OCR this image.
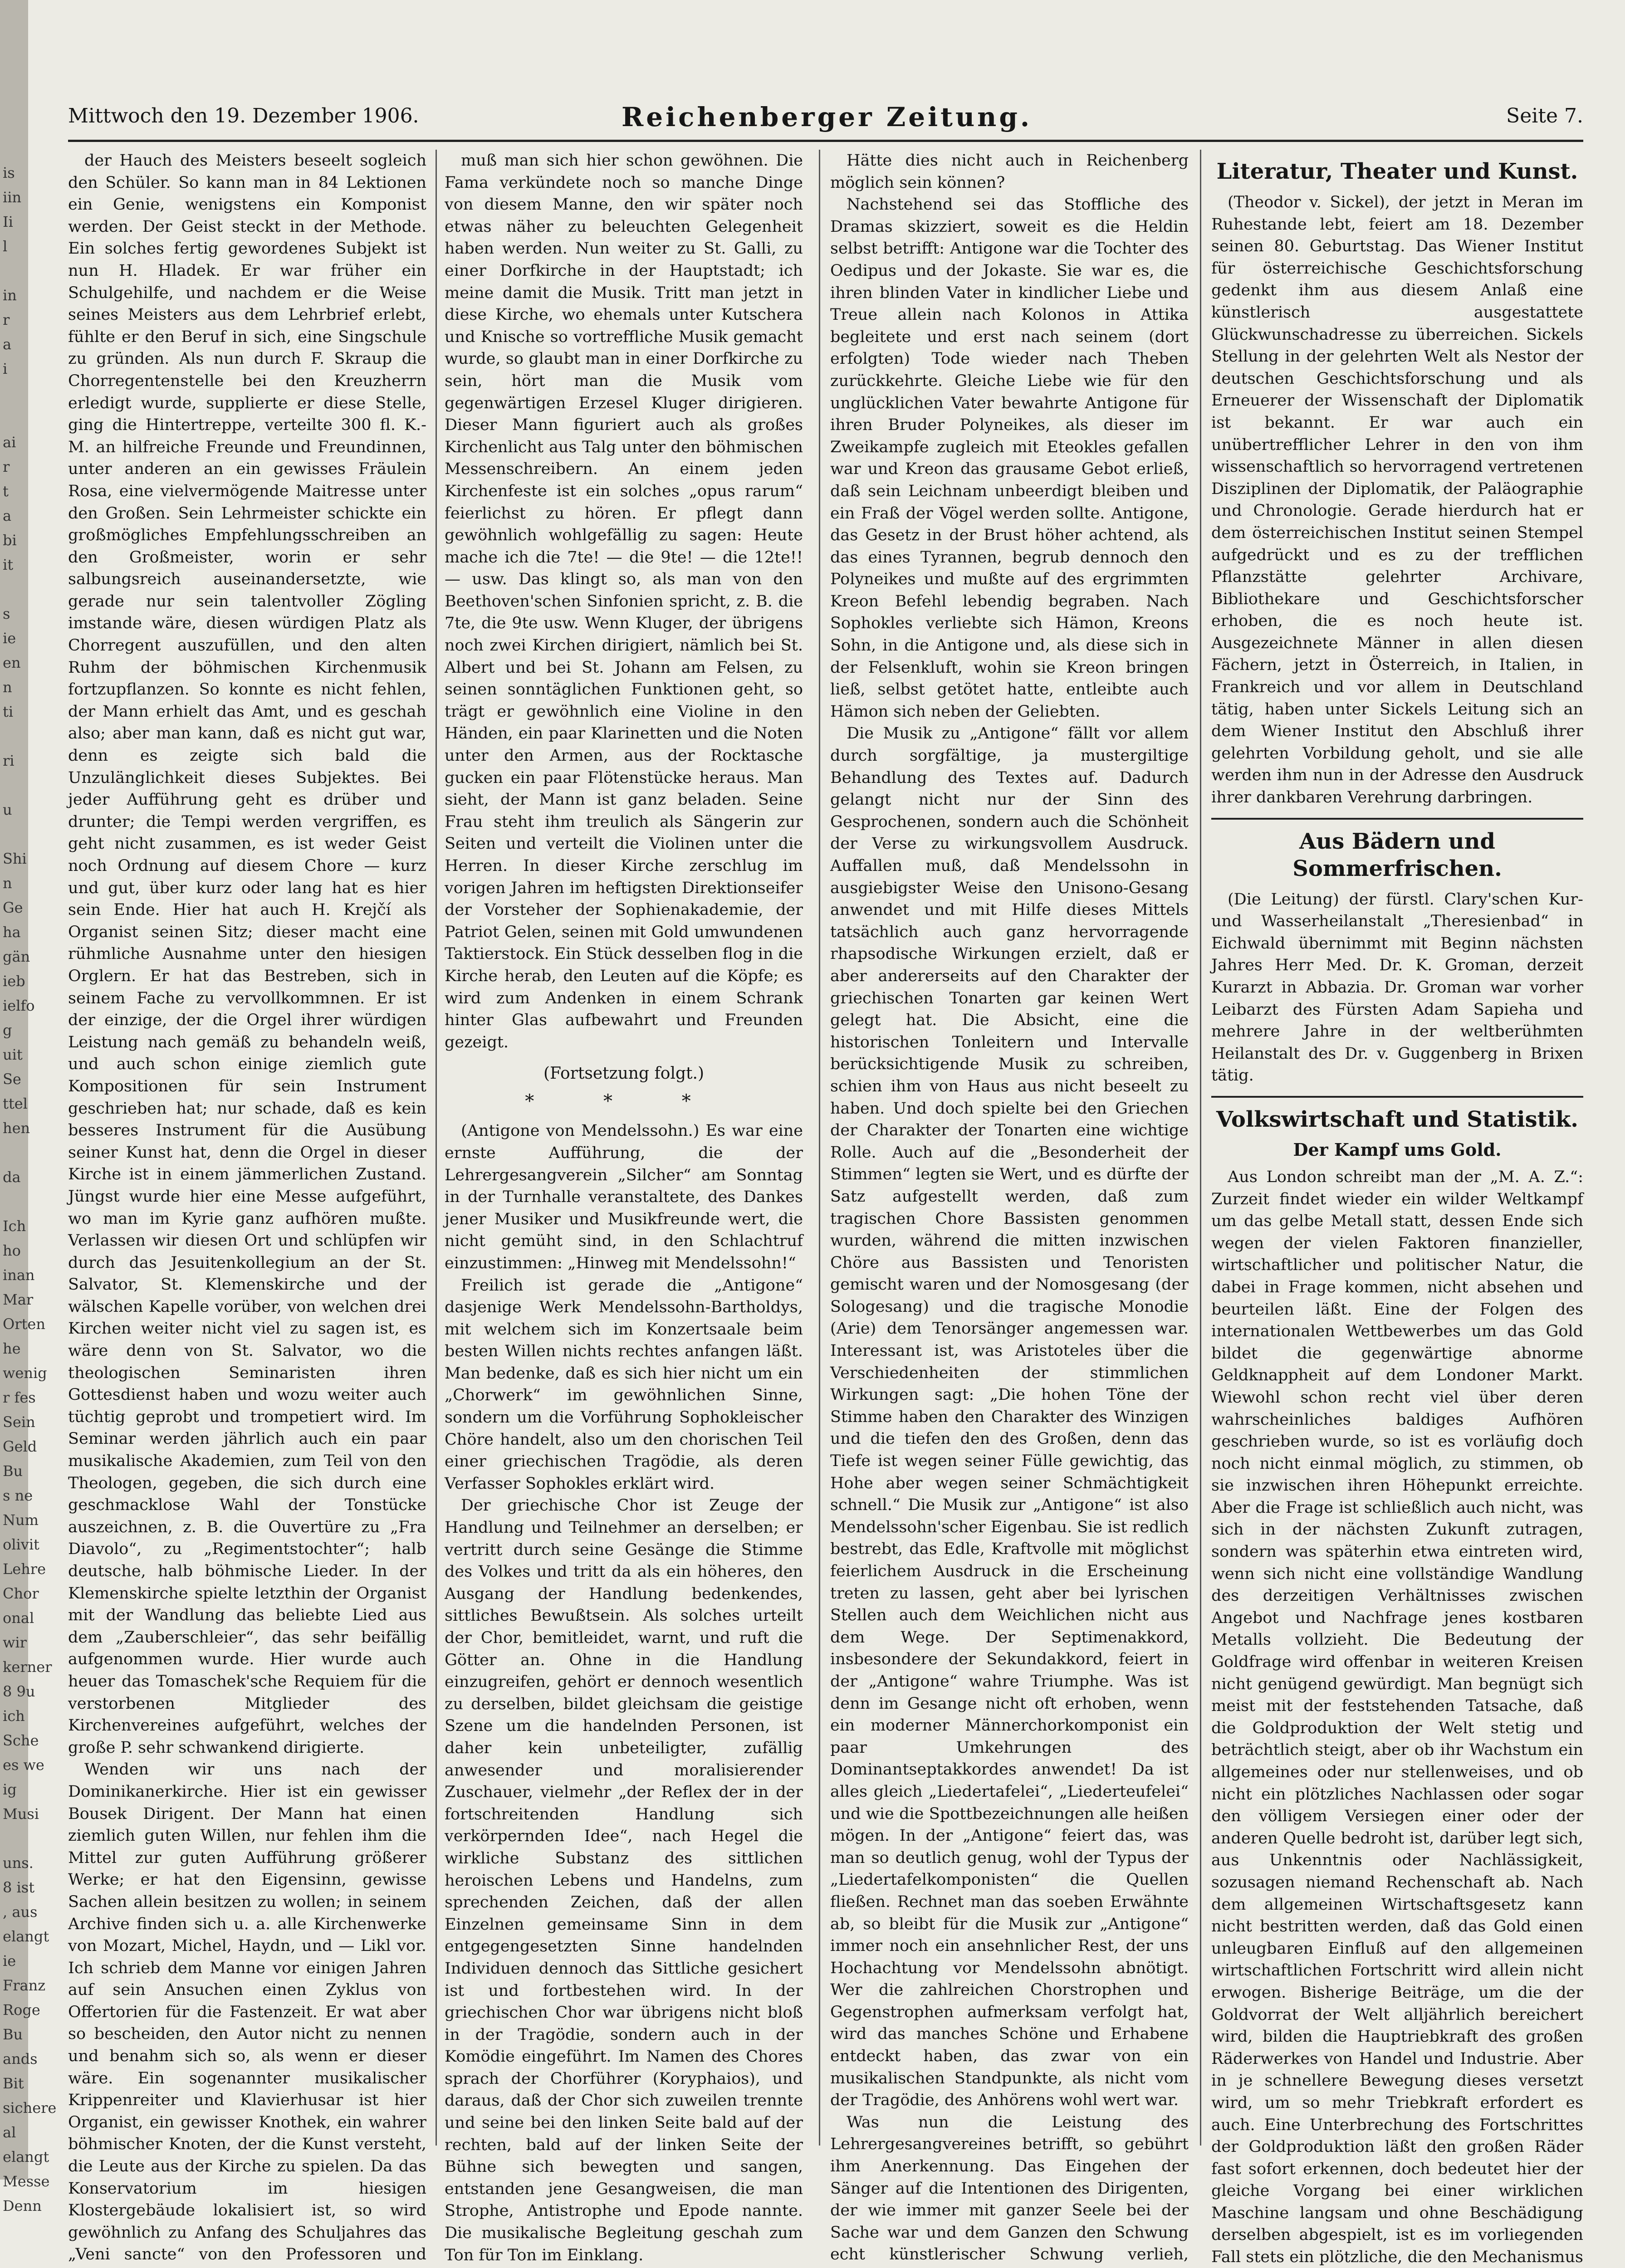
is
iin
Ii
l

in
r
a
i

ai
r
t
a
bi
it

s
ie
en
n
ti

ri

u

Shi
n
Ge
ha
gän
ieb
ielfo
g
uit
Se
ttel
hen

da

Ich
ho
inan
Mar
Orten
he
wenig
r fes
Sein
Geld
Bu
s ne
Num
olivit
Lehre
Chor
onal
wir
kerner
8 9u
ich
Sche
es we
ig
Musi

uns.
8 ist
, aus
elangt
ie
Franz
Roge
Bu
ands
Bit
sichere
al
elangt
Messe
Denn
Mittwoch den 19. Dezember 1906.	Reichenberger Zeitung.	Seite 7.

der Hauch des Meisters beseelt sogleich den Schüler. So kann man in 84 Lektionen ein Genie, wenigstens ein Komponist werden. Der Geist steckt in der Methode. Ein solches fertig gewordenes Subjekt ist nun H. Hladek. Er war früher ein Schulgehilfe, und nachdem er die Weise seines Meisters aus dem Lehrbrief erlebt, fühlte er den Beruf in sich, eine Singschule zu gründen. Als nun durch F. Skraup die Chorregentenstelle bei den Kreuzherrn erledigt wurde, supplierte er diese Stelle, ging die Hintertreppe, verteilte 300 fl. K.-M. an hilfreiche Freunde und Freundinnen, unter anderen an ein gewisses Fräulein Rosa, eine vielvermögende Maitresse unter den Großen. Sein Lehrmeister schickte ein großmögliches Empfehlungsschreiben an den Großmeister, worin er sehr salbungsreich auseinandersetzte, wie gerade nur sein talentvoller Zögling imstande wäre, diesen würdigen Platz als Chorregent auszufüllen, und den alten Ruhm der böhmischen Kirchenmusik fortzupflanzen. So konnte es nicht fehlen, der Mann erhielt das Amt, und es geschah also; aber man kann, daß es nicht gut war, denn es zeigte sich bald die Unzulänglichkeit dieses Subjektes. Bei jeder Aufführung geht es drüber und drunter; die Tempi werden vergriffen, es geht nicht zusammen, es ist weder Geist noch Ordnung auf diesem Chore — kurz und gut, über kurz oder lang hat es hier sein Ende. Hier hat auch H. Krejčí als Organist seinen Sitz; dieser macht eine rühmliche Ausnahme unter den hiesigen Orglern. Er hat das Bestreben, sich in seinem Fache zu vervollkommnen. Er ist der einzige, der die Orgel ihrer würdigen Leistung nach gemäß zu behandeln weiß, und auch schon einige ziemlich gute Kompositionen für sein Instrument geschrieben hat; nur schade, daß es kein besseres Instrument für die Ausübung seiner Kunst hat, denn die Orgel in dieser Kirche ist in einem jämmerlichen Zustand. Jüngst wurde hier eine Messe aufgeführt, wo man im Kyrie ganz aufhören mußte. Verlassen wir diesen Ort und schlüpfen wir durch das Jesuitenkollegium an der St. Salvator, St. Klemenskirche und der wälschen Kapelle vorüber, von welchen drei Kirchen weiter nicht viel zu sagen ist, es wäre denn von St. Salvator, wo die theologischen Seminaristen ihren Gottesdienst haben und wozu weiter auch tüchtig geprobt und trompetiert wird. Im Seminar werden jährlich auch ein paar musikalische Akademien, zum Teil von den Theologen, gegeben, die sich durch eine geschmacklose Wahl der Tonstücke auszeichnen, z. B. die Ouvertüre zu „Fra Diavolo“, zu „Regimentstochter“; halb deutsche, halb böhmische Lieder. In der Klemenskirche spielte letzthin der Organist mit der Wandlung das beliebte Lied aus dem „Zauberschleier“, das sehr beifällig aufgenommen wurde. Hier wurde auch heuer das Tomaschek'sche Requiem für die verstorbenen Mitglieder des Kirchenvereines aufgeführt, welches der große P. sehr schwankend dirigierte.

Wenden wir uns nach der Dominikanerkirche. Hier ist ein gewisser Bousek Dirigent. Der Mann hat einen ziemlich guten Willen, nur fehlen ihm die Mittel zur guten Aufführung größerer Werke; er hat den Eigensinn, gewisse Sachen allein besitzen zu wollen; in seinem Archive finden sich u. a. alle Kirchenwerke von Mozart, Michel, Haydn, und — Likl vor. Ich schrieb dem Manne vor einigen Jahren auf sein Ansuchen einen Zyklus von Offertorien für die Fastenzeit. Er wat aber so bescheiden, den Autor nicht zu nennen und benahm sich so, als wenn er dieser wäre. Ein sogenannter musikalischer Krippenreiter und Klavierhusar ist hier Organist, ein gewisser Knothek, ein wahrer böhmischer Knoten, der die Kunst versteht, die Leute aus der Kirche zu spielen. Da das Konservatorium im hiesigen Klostergebäude lokalisiert ist, so wird gewöhnlich zu Anfang des Schuljahres das „Veni sancte“ von den Professoren und

muß man sich hier schon gewöhnen. Die Fama verkündete noch so manche Dinge von diesem Manne, den wir später noch etwas näher zu beleuchten Gelegenheit haben werden. Nun weiter zu St. Galli, zu einer Dorfkirche in der Hauptstadt; ich meine damit die Musik. Tritt man jetzt in diese Kirche, wo ehemals unter Kutschera und Knische so vortreffliche Musik gemacht wurde, so glaubt man in einer Dorfkirche zu sein, hört man die Musik vom gegenwärtigen Erzesel Kluger dirigieren. Dieser Mann figuriert auch als großes Kirchenlicht aus Talg unter den böhmischen Messenschreibern. An einem jeden Kirchenfeste ist ein solches „opus rarum“ feierlichst zu hören. Er pflegt dann gewöhnlich wohlgefällig zu sagen: Heute mache ich die 7te! — die 9te! — die 12te!! — usw. Das klingt so, als man von den Beethoven'schen Sinfonien spricht, z. B. die 7te, die 9te usw. Wenn Kluger, der übrigens noch zwei Kirchen dirigiert, nämlich bei St. Albert und bei St. Johann am Felsen, zu seinen sonntäglichen Funktionen geht, so trägt er gewöhnlich eine Violine in den Händen, ein paar Klarinetten und die Noten unter den Armen, aus der Rocktasche gucken ein paar Flötenstücke heraus. Man sieht, der Mann ist ganz beladen. Seine Frau steht ihm treulich als Sängerin zur Seiten und verteilt die Violinen unter die Herren. In dieser Kirche zerschlug im vorigen Jahren im heftigsten Direktionseifer der Vorsteher der Sophienakademie, der Patriot Gelen, seinen mit Gold umwundenen Taktierstock. Ein Stück desselben flog in die Kirche herab, den Leuten auf die Köpfe; es wird zum Andenken in einem Schrank hinter Glas aufbewahrt und Freunden gezeigt.

(Fortsetzung folgt.)
* * *

(Antigone von Mendelssohn.) Es war eine ernste Aufführung, die der Lehrergesangverein „Silcher“ am Sonntag in der Turnhalle veranstaltete, des Dankes jener Musiker und Musikfreunde wert, die nicht gemüht sind, in den Schlachtruf einzustimmen: „Hinweg mit Mendelssohn!“

Freilich ist gerade die „Antigone“ dasjenige Werk Mendelssohn-Bartholdys, mit welchem sich im Konzertsaale beim besten Willen nichts rechtes anfangen läßt. Man bedenke, daß es sich hier nicht um ein „Chorwerk“ im gewöhnlichen Sinne, sondern um die Vorführung Sophokleischer Chöre handelt, also um den chorischen Teil einer griechischen Tragödie, als deren Verfasser Sophokles erklärt wird.

Der griechische Chor ist Zeuge der Handlung und Teilnehmer an derselben; er vertritt durch seine Gesänge die Stimme des Volkes und tritt da als ein höheres, den Ausgang der Handlung bedenkendes, sittliches Bewußtsein. Als solches urteilt der Chor, bemitleidet, warnt, und ruft die Götter an. Ohne in die Handlung einzugreifen, gehört er dennoch wesentlich zu derselben, bildet gleichsam die geistige Szene um die handelnden Personen, ist daher kein unbeteiligter, zufällig anwesender und moralisierender Zuschauer, vielmehr „der Reflex der in der fortschreitenden Handlung sich verkörpernden Idee“, nach Hegel die wirkliche Substanz des sittlichen heroischen Lebens und Handelns, zum sprechenden Zeichen, daß der allen Einzelnen gemeinsame Sinn in dem entgegengesetzten Sinne handelnden Individuen dennoch das Sittliche gesichert ist und fortbestehen wird. In der griechischen Chor war übrigens nicht bloß in der Tragödie, sondern auch in der Komödie eingeführt. Im Namen des Chores sprach der Chorführer (Koryphaios), und daraus, daß der Chor sich zuweilen trennte und seine bei den linken Seite bald auf der rechten, bald auf der linken Seite der Bühne sich bewegten und sangen, entstanden jene Gesangweisen, die man Strophe, Antistrophe und Epode nannte. Die musikalische Begleitung geschah zum Ton für Ton im Einklang.

Hätte dies nicht auch in Reichenberg möglich sein können?

Nachstehend sei das Stoffliche des Dramas skizziert, soweit es die Heldin selbst betrifft: Antigone war die Tochter des Oedipus und der Jokaste. Sie war es, die ihren blinden Vater in kindlicher Liebe und Treue allein nach Kolonos in Attika begleitete und erst nach seinem (dort erfolgten) Tode wieder nach Theben zurückkehrte. Gleiche Liebe wie für den unglücklichen Vater bewahrte Antigone für ihren Bruder Polyneikes, als dieser im Zweikampfe zugleich mit Eteokles gefallen war und Kreon das grausame Gebot erließ, daß sein Leichnam unbeerdigt bleiben und ein Fraß der Vögel werden sollte. Antigone, das Gesetz in der Brust höher achtend, als das eines Tyrannen, begrub dennoch den Polyneikes und mußte auf des ergrimmten Kreon Befehl lebendig begraben. Nach Sophokles verliebte sich Hämon, Kreons Sohn, in die Antigone und, als diese sich in der Felsenkluft, wohin sie Kreon bringen ließ, selbst getötet hatte, entleibte auch Hämon sich neben der Geliebten.

Die Musik zu „Antigone“ fällt vor allem durch sorgfältige, ja mustergiltige Behandlung des Textes auf. Dadurch gelangt nicht nur der Sinn des Gesprochenen, sondern auch die Schönheit der Verse zu wirkungsvollem Ausdruck. Auffallen muß, daß Mendelssohn in ausgiebigster Weise den Unisono-Gesang anwendet und mit Hilfe dieses Mittels tatsächlich auch ganz hervorragende rhapsodische Wirkungen erzielt, daß er aber andererseits auf den Charakter der griechischen Tonarten gar keinen Wert gelegt hat. Die Absicht, eine die historischen Tonleitern und Intervalle berücksichtigende Musik zu schreiben, schien ihm von Haus aus nicht beseelt zu haben. Und doch spielte bei den Griechen der Charakter der Tonarten eine wichtige Rolle. Auch auf die „Besonderheit der Stimmen“ legten sie Wert, und es dürfte der Satz aufgestellt werden, daß zum tragischen Chore Bassisten genommen wurden, während die mitten inzwischen Chöre aus Bassisten und Tenoristen gemischt waren und der Nomosgesang (der Sologesang) und die tragische Monodie (Arie) dem Tenorsänger angemessen war. Interessant ist, was Aristoteles über die Verschiedenheiten der stimmlichen Wirkungen sagt: „Die hohen Töne der Stimme haben den Charakter des Winzigen und die tiefen den des Großen, denn das Tiefe ist wegen seiner Fülle gewichtig, das Hohe aber wegen seiner Schmächtigkeit schnell.“ Die Musik zur „Antigone“ ist also Mendelssohn'scher Eigenbau. Sie ist redlich bestrebt, das Edle, Kraftvolle mit möglichst feierlichem Ausdruck in die Erscheinung treten zu lassen, geht aber bei lyrischen Stellen auch dem Weichlichen nicht aus dem Wege. Der Septimenakkord, insbesondere der Sekundakkord, feiert in der „Antigone“ wahre Triumphe. Was ist denn im Gesange nicht oft erhoben, wenn ein moderner Männerchorkomponist ein paar Umkehrungen des Dominantseptakkordes anwendet! Da ist alles gleich „Liedertafelei“, „Liederteufelei“ und wie die Spottbezeichnungen alle heißen mögen. In der „Antigone“ feiert das, was man so deutlich genug, wohl der Typus der „Liedertafelkomponisten“ die Quellen fließen. Rechnet man das soeben Erwähnte ab, so bleibt für die Musik zur „Antigone“ immer noch ein ansehnlicher Rest, der uns Hochachtung vor Mendelssohn abnötigt. Wer die zahlreichen Chorstrophen und Gegenstrophen aufmerksam verfolgt hat, wird das manches Schöne und Erhabene entdeckt haben, das zwar von ein musikalischen Standpunkte, als nicht vom der Tragödie, des Anhörens wohl wert war.

Was nun die Leistung des Lehrergesangvereines betrifft, so gebührt ihm Anerkennung. Das Eingehen der Sänger auf die Intentionen des Dirigenten, der wie immer mit ganzer Seele bei der Sache war und dem Ganzen den Schwung echt künstlerischer Schwung verlieh,

Literatur, Theater und Kunst.

(Theodor v. Sickel), der jetzt in Meran im Ruhestande lebt, feiert am 18. Dezember seinen 80. Geburtstag. Das Wiener Institut für österreichische Geschichtsforschung gedenkt ihm aus diesem Anlaß eine künstlerisch ausgestattete Glückwunschadresse zu überreichen. Sickels Stellung in der gelehrten Welt als Nestor der deutschen Geschichtsforschung und als Erneuerer der Wissenschaft der Diplomatik ist bekannt. Er war auch ein unübertrefflicher Lehrer in den von ihm wissenschaftlich so hervorragend vertretenen Disziplinen der Diplomatik, der Paläographie und Chronologie. Gerade hierdurch hat er dem österreichischen Institut seinen Stempel aufgedrückt und es zu der trefflichen Pflanzstätte gelehrter Archivare, Bibliothekare und Geschichtsforscher erhoben, die es noch heute ist. Ausgezeichnete Männer in allen diesen Fächern, jetzt in Österreich, in Italien, in Frankreich und vor allem in Deutschland tätig, haben unter Sickels Leitung sich an dem Wiener Institut den Abschluß ihrer gelehrten Vorbildung geholt, und sie alle werden ihm nun in der Adresse den Ausdruck ihrer dankbaren Verehrung darbringen.

Aus Bädern und Sommerfrischen.

(Die Leitung) der fürstl. Clary'schen Kur- und Wasserheilanstalt „Theresienbad“ in Eichwald übernimmt mit Beginn nächsten Jahres Herr Med. Dr. K. Groman, derzeit Kurarzt in Abbazia. Dr. Groman war vorher Leibarzt des Fürsten Adam Sapieha und mehrere Jahre in der weltberühmten Heilanstalt des Dr. v. Guggenberg in Brixen tätig.

Volkswirtschaft und Statistik.
Der Kampf ums Gold.

Aus London schreibt man der „M. A. Z.“: Zurzeit findet wieder ein wilder Weltkampf um das gelbe Metall statt, dessen Ende sich wegen der vielen Faktoren finanzieller, wirtschaftlicher und politischer Natur, die dabei in Frage kommen, nicht absehen und beurteilen läßt. Eine der Folgen des internationalen Wettbewerbes um das Gold bildet die gegenwärtige abnorme Geldknappheit auf dem Londoner Markt. Wiewohl schon recht viel über deren wahrscheinliches baldiges Aufhören geschrieben wurde, so ist es vorläufig doch noch nicht einmal möglich, zu stimmen, ob sie inzwischen ihren Höhepunkt erreichte. Aber die Frage ist schließlich auch nicht, was sich in der nächsten Zukunft zutragen, sondern was späterhin etwa eintreten wird, wenn sich nicht eine vollständige Wandlung des derzeitigen Verhältnisses zwischen Angebot und Nachfrage jenes kostbaren Metalls vollzieht. Die Bedeutung der Goldfrage wird offenbar in weiteren Kreisen nicht genügend gewürdigt. Man begnügt sich meist mit der feststehenden Tatsache, daß die Goldproduktion der Welt stetig und beträchtlich steigt, aber ob ihr Wachstum ein allgemeines oder nur stellenweises, und ob nicht ein plötzliches Nachlassen oder sogar den völligem Versiegen einer oder der anderen Quelle bedroht ist, darüber legt sich, aus Unkenntnis oder Nachlässigkeit, sozusagen niemand Rechenschaft ab. Nach dem allgemeinen Wirtschaftsgesetz kann nicht bestritten werden, daß das Gold einen unleugbaren Einfluß auf den allgemeinen wirtschaftlichen Fortschritt wird allein nicht erwogen. Bisherige Beiträge, um die der Goldvorrat der Welt alljährlich bereichert wird, bilden die Hauptriebkraft des großen Räderwerkes von Handel und Industrie. Aber in je schnellere Bewegung dieses versetzt wird, um so mehr Triebkraft erfordert es auch. Eine Unterbrechung des Fortschrittes der Goldproduktion läßt den großen Räder fast sofort erkennen, doch bedeutet hier der gleiche Vorgang bei einer wirklichen Maschine langsam und ohne Beschädigung derselben abgespielt, ist es im vorliegenden Fall stets ein plötzliche, die den Mechanismus
